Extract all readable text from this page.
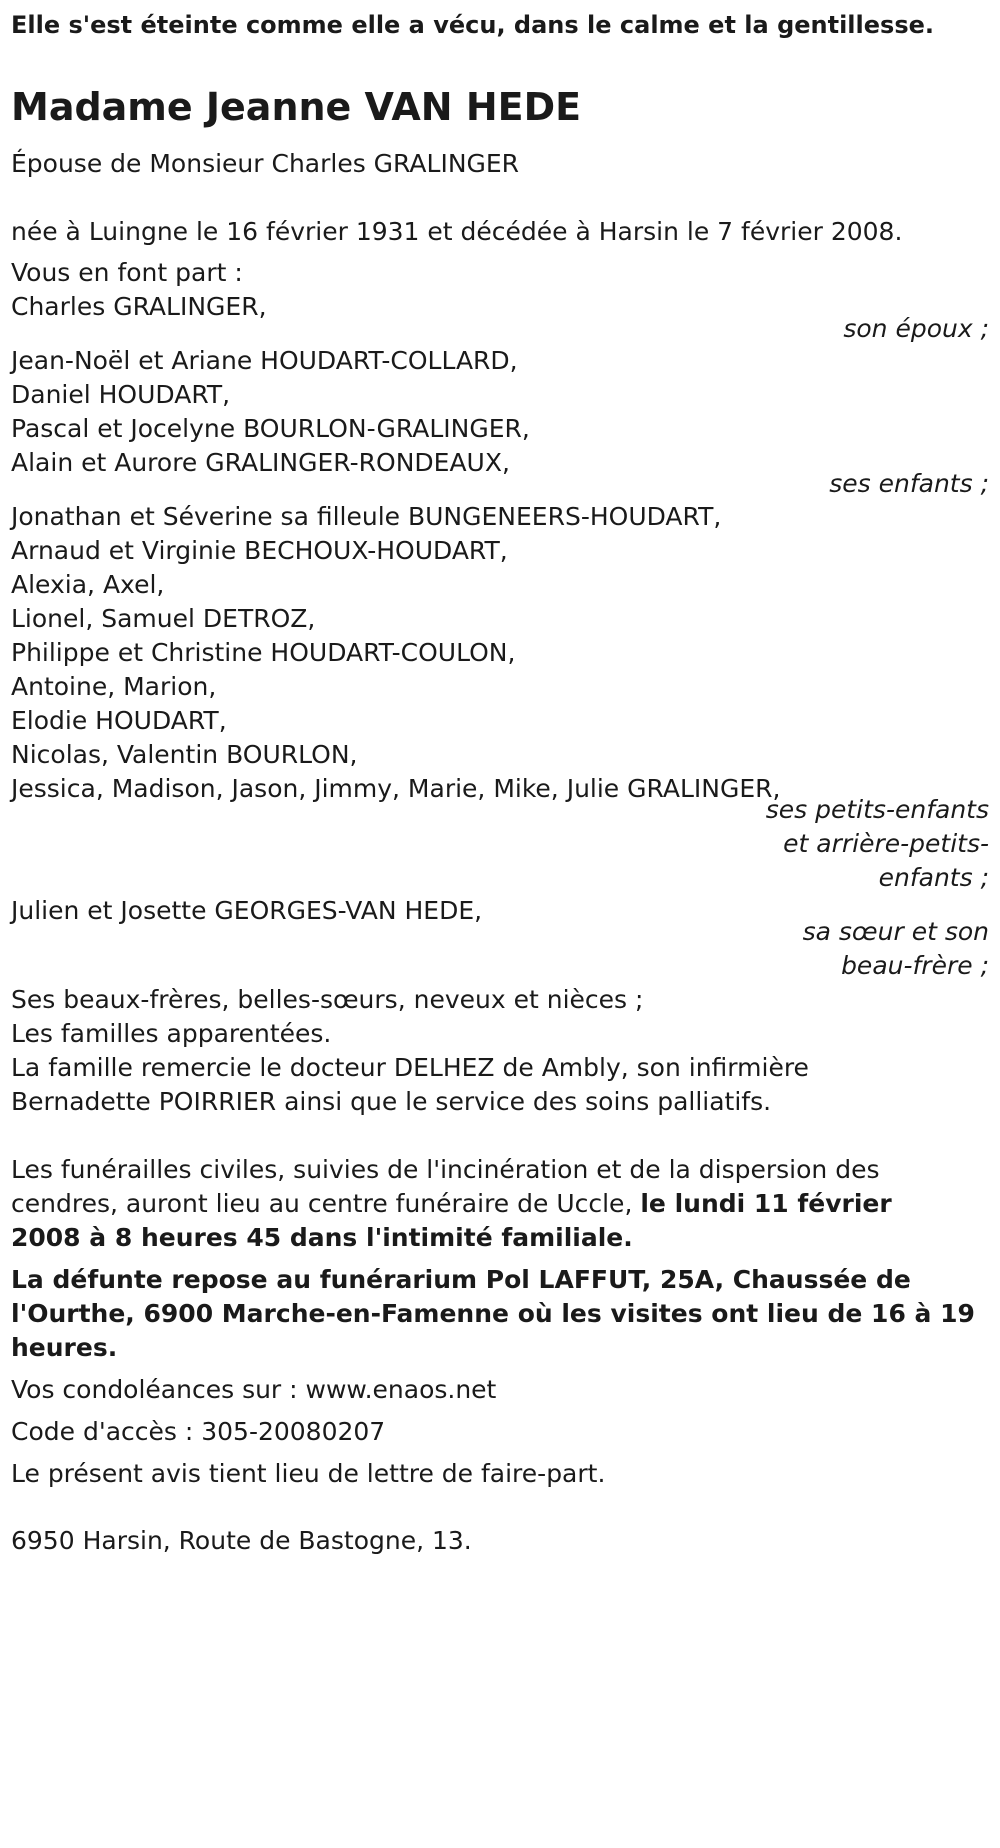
Elle s'est éteinte comme elle a vécu, dans le calme et la gentillesse.
Madame Jeanne VAN HEDE
Épouse de Monsieur Charles GRALINGER
née à Luingne le 16 février 1931 et décédée à Harsin le 7 février 2008.
Vous en font part :
Charles GRALINGER,
son époux ;
Jean-Noël et Ariane HOUDART-COLLARD,
Daniel HOUDART,
Pascal et Jocelyne BOURLON-GRALINGER,
Alain et Aurore GRALINGER-RONDEAUX,
ses enfants ;
Jonathan et Séverine sa filleule BUNGENEERS-HOUDART,
Arnaud et Virginie BECHOUX-HOUDART,
Alexia, Axel,
Lionel, Samuel DETROZ,
Philippe et Christine HOUDART-COULON,
Antoine, Marion,
Elodie HOUDART,
Nicolas, Valentin BOURLON,
Jessica, Madison, Jason, Jimmy, Marie, Mike, Julie GRALINGER,
ses petits-enfants
et arrière-petits-
enfants ;
Julien et Josette GEORGES-VAN HEDE,
sa sœur et son
beau-frère ;
Ses beaux-frères, belles-sœurs, neveux et nièces ;
Les familles apparentées.
La famille remercie le docteur DELHEZ de Ambly, son infirmière
Bernadette POIRRIER ainsi que le service des soins palliatifs.
Les funérailles civiles, suivies de l'incinération et de la dispersion des
cendres, auront lieu au centre funéraire de Uccle, le lundi 11 février
2008 à 8 heures 45 dans l'intimité familiale.
La défunte repose au funérarium Pol LAFFUT, 25A, Chaussée de
l'Ourthe, 6900 Marche-en-Famenne où les visites ont lieu de 16 à 19
heures.
Vos condoléances sur : www.enaos.net
Code d'accès : 305-20080207
Le présent avis tient lieu de lettre de faire-part.
6950 Harsin, Route de Bastogne, 13.
